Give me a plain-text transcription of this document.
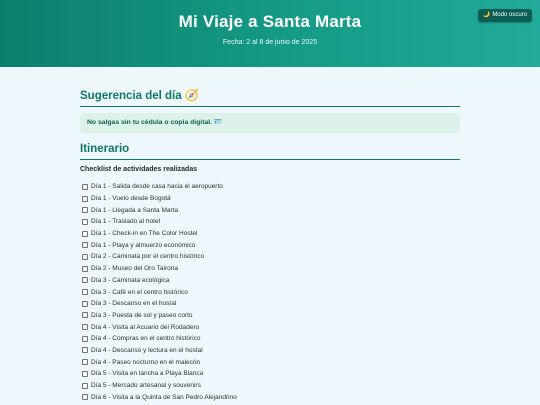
Mi Viaje a Santa Marta
Fecha: 2 al 8 de junio de 2025
🌙 Modo oscuro
Sugerencia del día 🧭
No salgas sin tu cédula o copia digital. 🪪
Itinerario
Checklist de actividades realizadas
Día 1 - Salida desde casa hacia el aeropuerto
Día 1 - Vuelo desde Bogotá
Día 1 - Llegada a Santa Marta
Día 1 - Traslado al hotel
Día 1 - Check-in en The Color Hostel
Día 1 - Playa y almuerzo económico
Día 2 - Caminata por el centro histórico
Día 2 - Museo del Oro Tairona
Día 3 - Caminata ecológica
Día 3 - Café en el centro histórico
Día 3 - Descanso en el hostal
Día 3 - Puesta de sol y paseo corto
Día 4 - Visita al Acuario del Rodadero
Día 4 - Compras en el centro histórico
Día 4 - Descanso y lectura en el hostal
Día 4 - Paseo nocturno en el malecón
Día 5 - Visita en lancha a Playa Blanca
Día 5 - Mercado artesanal y souvenirs
Día 6 - Visita a la Quinta de San Pedro Alejandrino
